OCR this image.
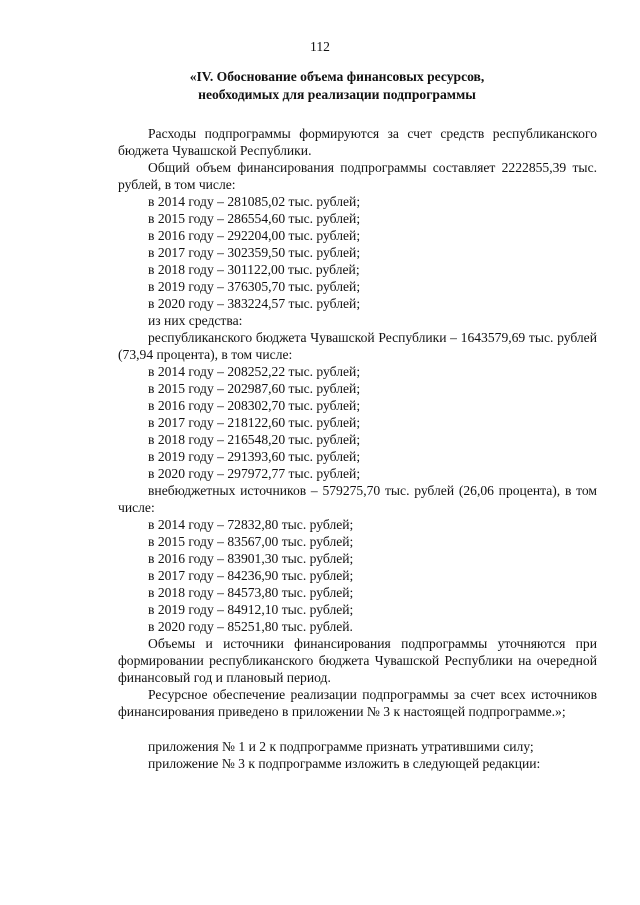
112
«IV. Обоснование объема финансовых ресурсов,
необходимых для реализации подпрограммы

Расходы подпрограммы формируются за счет средств республиканского бюджета Чувашской Республики.

Общий объем финансирования подпрограммы составляет 2222855,39 тыс. рублей, в том числе:

в 2014 году – 281085,02 тыс. рублей;

в 2015 году – 286554,60 тыс. рублей;

в 2016 году – 292204,00 тыс. рублей;

в 2017 году – 302359,50 тыс. рублей;

в 2018 году – 301122,00 тыс. рублей;

в 2019 году – 376305,70 тыс. рублей;

в 2020 году – 383224,57 тыс. рублей;

из них средства:

республиканского бюджета Чувашской Республики – 1643579,69 тыс. рублей (73,94 процента), в том числе:

в 2014 году – 208252,22 тыс. рублей;

в 2015 году – 202987,60 тыс. рублей;

в 2016 году – 208302,70 тыс. рублей;

в 2017 году – 218122,60 тыс. рублей;

в 2018 году – 216548,20 тыс. рублей;

в 2019 году – 291393,60 тыс. рублей;

в 2020 году – 297972,77 тыс. рублей;

внебюджетных источников – 579275,70 тыс. рублей (26,06 процента), в том числе:

в 2014 году – 72832,80 тыс. рублей;

в 2015 году – 83567,00 тыс. рублей;

в 2016 году – 83901,30 тыс. рублей;

в 2017 году – 84236,90 тыс. рублей;

в 2018 году – 84573,80 тыс. рублей;

в 2019 году – 84912,10 тыс. рублей;

в 2020 году – 85251,80 тыс. рублей.

Объемы и источники финансирования подпрограммы уточняются при формировании республиканского бюджета Чувашской Республики на очередной финансовый год и плановый период.

Ресурсное обеспечение реализации подпрограммы за счет всех источников финансирования приведено в приложении № 3 к настоящей подпрограмме.»;

приложения № 1 и 2 к подпрограмме признать утратившими силу;

приложение № 3 к подпрограмме изложить в следующей редакции:
